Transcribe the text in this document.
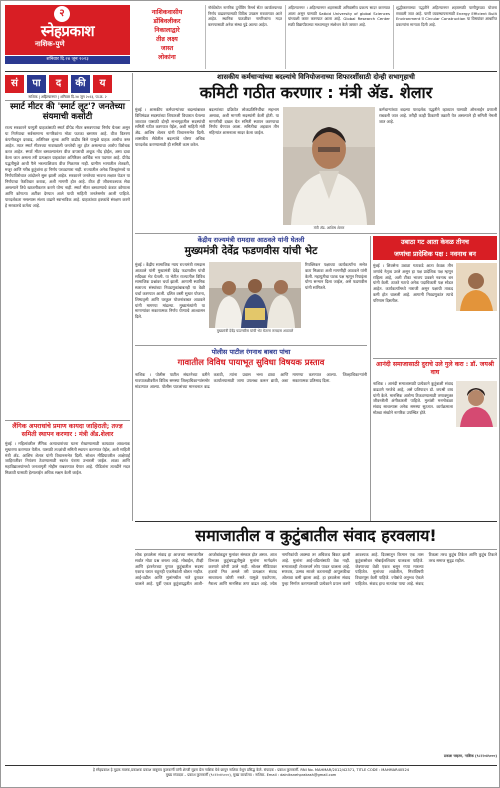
२
स्नेहप्रकाश
नाशिक-पुणे
शनिवार दि.२४ जून २०२३
नाशिकवासीय
डोंबिवलीकर
निकालाद्वारे
तीव्र लक्ष्य
जास्त
लोकांना
नॉर्थवेस्टेल नागरिक दुर्गोविंग रिसर्च सेंटर कार्यालयाच्या निर्णय वाढवण्यासाठी विविध उपक्रम राबवण्यात आले आहेत. स्थानिक पातळीवर नागरिकांना मदत करण्यासाठी अनेक संस्था पुढे आल्या आहेत.
अहिल्यानगर । अहिल्यानगर शहरासाठी अनिवासीय प्रकल्प सादर करण्यात आला असून यासाठी Satbid University of global Sciences यांच्याशी करार करण्यात आला आहे. Global Research Center साठी विद्यापीठाच्या माध्यमातून संशोधन केले जाणार आहे.
शुद्धीकरणाच्या पद्धतीने अहिल्यानगर शहरासाठी पाणीपुरवठा योजना राबवली जात आहे. पाणी व्यवस्थापनासाठी Energy Efficient Built Environment व Circular Construction या विषयांवर आधारित प्रकल्पांना मान्यता दिली आहे.
सं	पा	द	की	य
नाशिक | अहिल्यानगर | शनिवार दि.२४ जून २०२३, पा.क्र. २
स्मार्ट मीटर की 'स्मार्ट लूट'? जनतेच्या संयमाची कसोटी
राज्य सरकारने घरगुती ग्राहकांसाठी स्मार्ट प्रीपेड मीटर बसवण्याचा निर्णय घेतला असून या निर्णयाचा सर्वसामान्य नागरिकांना मोठा फटका बसणार आहे. वीज वितरण कंपनीकडून दरवाढ, अतिरिक्त शुल्क आणि वाढीव बिले यामुळे ग्राहक आधीच त्रस्त आहेत. त्यात स्मार्ट मीटरच्या नावाखाली जनतेची लूट होत असल्याचा आरोप विरोधक करत आहेत. स्मार्ट मीटर बसवल्यानंतर वीज वापराची अचूक नोंद होईल, असा दावा केला जात असला तरी प्रत्यक्षात ग्राहकांवर अतिरिक्त आर्थिक भार पडणार आहे. प्रीपेड पद्धतीमुळे आधी पैसे भरल्याशिवाय वीज मिळणार नाही. ग्रामीण भागातील शेतकरी, मजूर आणि गरीब कुटुंबांना हा निर्णय परवडणारा नाही. राज्यातील अनेक जिल्ह्यांमध्ये या निर्णयाविरोधात आंदोलने सुरू झाली आहेत. सरकारने जनतेच्या भावना लक्षात घेऊन या निर्णयाचा फेरविचार करावा, अशी मागणी होत आहे. वीज ही जीवनावश्यक सेवा असल्याने तिचे खाजगीकरण करणे योग्य नाही. स्मार्ट मीटर बसवण्याचे कंत्राट कोणाला आणि कोणत्या अटींवर देण्यात आले याची माहिती जनतेसमोर आली पाहिजे. पारदर्शकता नसल्यास संशय वाढणे स्वाभाविक आहे. ग्राहकांच्या हक्कांचे संरक्षण करणे हे सरकारचे कर्तव्य आहे.
शासकीय कर्मचाऱ्यांच्या बदल्यांचे विनियोजनाच्या शिफारशींसाठी दोन्ही सभागृहाची
कमिटी गठीत करणार : मंत्री ॲड. शेलार
मुंबई । शासकीय कर्मचाऱ्यांच्या बदल्यांबाबत विधिमंडळ सदस्यांच्या शिफारशी विचारात घेतल्या जाव्यात यासाठी दोन्ही सभागृहातील सदस्यांची समिती गठीत करण्यात येईल, अशी माहिती मंत्री ॲड. आशिष शेलार यांनी विधानसभेत दिली. शासकीय सेवेतील बदल्यांचे धोरण अधिक पारदर्शक करण्यासाठी ही समिती काम करेल.
बदल्यांच्या प्रक्रियेत लोकप्रतिनिधींचा सहभाग असावा, अशी मागणी सदस्यांनी केली होती. या मागणीची दखल घेत समिती स्थापन करण्याचा निर्णय घेण्यात आला. समितीचा अहवाल तीन महिन्यांत शासनाला सादर केला जाईल.
मंत्री ॲड. आशिष शेलार
कर्मचाऱ्यांच्या बदल्या पारदर्शक पद्धतीने व्हाव्यात यासाठी ऑनलाईन प्रणाली राबवली जात आहे. तरीही काही ठिकाणी तक्रारी येत असल्याने ही समिती नेमली जात आहे.
केंद्रीय राज्यमंत्री रामदास आठवले यांनी घेतली
मुख्यमंत्री देवेंद्र फडणवीस यांची भेट
मुंबई । केंद्रीय सामाजिक न्याय राज्यमंत्री रामदास आठवले यांनी मुख्यमंत्री देवेंद्र फडणवीस यांची सदिच्छा भेट घेतली. या भेटीत राज्यातील विविध सामाजिक प्रश्नांवर चर्चा झाली. आगामी स्थानिक स्वराज्य संस्थांच्या निवडणुकांबाबतही या वेळी चर्चा करण्यात आली. दलित वस्ती सुधार योजना, शिष्यवृत्ती आणि घरकुल योजनांबाबत आठवले यांनी मागण्या मांडल्या. मुख्यमंत्र्यांनी या मागण्यांवर सकारात्मक निर्णय घेण्याचे आश्वासन दिले.
मुख्यमंत्री देवेंद्र फडणवीस यांची भेट घेताना रामदास आठवले
रिपब्लिकन पक्षाच्या कार्यकर्त्यांना सत्तेत वाटा मिळावा अशी मागणीही आठवले यांनी केली. महायुतीचा घटक पक्ष म्हणून रिपाइंला योग्य सन्मान दिला जाईल, असे फडणवीस यांनी सांगितले.
उबाठा गट आता केवळ तीनच
जणांचा प्रादेशिक पक्ष : नवनाथ बन
मुंबई । शिवसेना उबाठा गटाकडे आता केवळ तीन जणांचे नेतृत्व उरले असून हा पक्ष प्रादेशिक पक्ष म्हणून राहिला आहे, अशी टीका भाजप प्रवक्ते नवनाथ बन यांनी केली. ठाकरे गटाचे अनेक पदाधिकारी पक्ष सोडत आहेत. कार्यकर्त्यांमध्ये नाराजी असून पक्षाची ताकद कमी होत चालली आहे. आगामी निवडणुकांत त्याचे परिणाम दिसतील.
आनंदी समाजासाठी दुराचे उले गुले करा : डॉ. जयश्री वाघ
नाशिक । आनंदी समाजासाठी प्रत्येकाने कुटुंबाशी संवाद वाढवणे गरजेचे आहे, असे प्रतिपादन डॉ. जयश्री वाघ यांनी केले. मानसिक आरोग्य टिकवण्यासाठी तणावमुक्त जीवनशैली अंगीकारली पाहिजे. मुलांशी मनमोकळा संवाद साधल्यास अनेक समस्या सुटतात. कार्यक्रमाला मोठ्या संख्येने नागरिक उपस्थित होते.
पोलीस पाटील रंगनाथ बाबरा पांचा
गावातील विविध पायाभूत सुविधा विषयक प्रस्ताव
नाशिक । पोलीस पाटील संघटनेच्या वतीने गावपातळीवरील विविध समस्या जिल्हाधिकाऱ्यांसमोर मांडण्यात आल्या. पोलीस पाटलांच्या मानधनात वाढ करावी, त्यांना प्रवास भत्ता द्यावा आणि कार्यालयासाठी जागा उपलब्ध करून द्यावी, अशा मागण्या करण्यात आल्या. जिल्हाधिकाऱ्यांनी सकारात्मक प्रतिसाद दिला.
लैंगिक अपराधांचे प्रमाण कायदा जाहिराती; तज्ज्ञ समिती स्थापन करणार : मंत्री ॲड.शेलार
मुंबई । महिलांवरील लैंगिक अत्याचारांच्या घटना रोखण्यासाठी कायद्यात आवश्यक सुधारणा करण्यात येतील. यासाठी तज्ज्ञांची समिती स्थापन करण्यात येईल, अशी माहिती मंत्री ॲड. आशिष शेलार यांनी विधानसभेत दिली. सोशल मीडियावरील आक्षेपार्ह जाहिरातींवर नियंत्रण ठेवण्यासाठी स्वतंत्र यंत्रणा उभारली जाईल. शाळा आणि महाविद्यालयांमध्ये जनजागृती मोहीम राबवण्यात येणार आहे. पीडितांना तातडीने मदत मिळावी यासाठी हेल्पलाईन अधिक सक्षम केली जाईल.
समाजातील व कुटुंबातील संवाद हरवलाय!
लोक हरवलेला संवाद हा आजच्या समाजातील सर्वात मोठा प्रश्न बनला आहे. मोबाईल, टीव्ही आणि इंटरनेटच्या युगात कुटुंबातील सदस्य एकाच घरात राहूनही एकमेकांशी बोलत नाहीत. आई-वडील आणि मुलांमधील नाते दुरावत चालले आहे. पूर्वी एकत्र कुटुंबपद्धतीत आजी-आजोबांकडून मुलांवर संस्कार होत असत. आज विभक्त कुटुंबपद्धतीमुळे मुलांना मार्गदर्शन करणारे कोणी उरले नाही. सोशल मीडियावर हजारो मित्र असले तरी प्रत्यक्षात संवाद साधायला कोणी नसते. यामुळे एकटेपणा, नैराश्य आणि मानसिक ताण वाढत आहे. ज्येष्ठ नागरिकांची अवस्था तर अधिकच बिकट झाली आहे. मुलांना आई-वडिलांसाठी वेळ नाही. समाजातही शेजारधर्म लोप पावत चालला आहे. सणवार, उत्सव साजरे करतानाही आपुलकीचा ओलावा कमी झाला आहे. हा हरवलेला संवाद पुन्हा निर्माण करण्यासाठी प्रत्येकाने प्रयत्न करणे आवश्यक आहे. दिवसातून किमान एक तास कुटुंबासोबत मोबाईलशिवाय घालवला पाहिजे. जेवणाच्या वेळी एकत्र बसून गप्पा मारल्या पाहिजेत. मुलांच्या शाळेतील, मित्रांविषयी विचारपूस केली पाहिजे. ज्येष्ठांचे अनुभव ऐकले पाहिजेत. संवाद हाच नात्यांचा पाया आहे. संवाद टिकला तरच कुटुंब टिकेल आणि कुटुंब टिकले तरच समाज सुदृढ राहील.
प्रकाश चव्हाण, नाशिक (९८२२०४५०००)
हे स्नेहप्रकाश हे मुद्रक मालक,प्रकाशक प्रकाश बाबुराव कुलकर्णी यांनी शेरजी मुद्रण प्रेस नाशिक येथे छापून नाशिक येथून प्रसिद्ध केले. संपादक : प्रकाश कुलकर्णी. RNI No. MAHMAR/2012/42371, TITLE CODE : MAHMAR40524
मुख्य संपादक – प्रकाश कुलकर्णी (९८२२०४५०००), मुख्य कार्यालय : नाशिक. Email : dainiksnehprakash@gmail.com
